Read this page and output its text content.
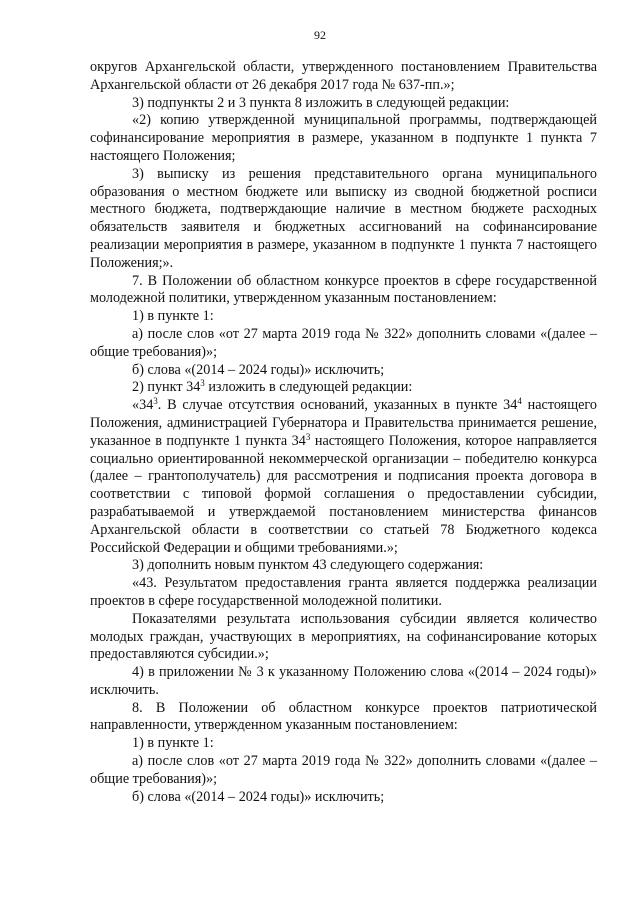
92

округов Архангельской области, утвержденного постановлением Правительства Архангельской области от 26 декабря 2017 года № 637-пп.»;

3) подпункты 2 и 3 пункта 8 изложить в следующей редакции:

«2) копию утвержденной муниципальной программы, подтверждающей софинансирование мероприятия в размере, указанном в подпункте 1 пункта 7 настоящего Положения;

3) выписку из решения представительного органа муниципального образования о местном бюджете или выписку из сводной бюджетной росписи местного бюджета, подтверждающие наличие в местном бюджете расходных обязательств заявителя и бюджетных ассигнований на софинансирование реализации мероприятия в размере, указанном в подпункте 1 пункта 7 настоящего Положения;».

7. В Положении об областном конкурсе проектов в сфере государственной молодежной политики, утвержденном указанным постановлением:

1) в пункте 1:

а) после слов «от 27 марта 2019 года № 322» дополнить словами «(далее – общие требования)»;

б) слова «(2014 – 2024 годы)» исключить;

2) пункт $34^3$ изложить в следующей редакции:

«$34^3$. В случае отсутствия оснований, указанных в пункте $34^4$ настоящего Положения, администрацией Губернатора и Правительства принимается решение, указанное в подпункте 1 пункта $34^3$ настоящего Положения, которое направляется социально ориентированной некоммерческой организации – победителю конкурса (далее – грантополучатель) для рассмотрения и подписания проекта договора в соответствии с типовой формой соглашения о предоставлении субсидии, разрабатываемой и утверждаемой постановлением министерства финансов Архангельской области в соответствии со статьей 78 Бюджетного кодекса Российской Федерации и общими требованиями.»;

3) дополнить новым пунктом 43 следующего содержания:

«43. Результатом предоставления гранта является поддержка реализации проектов в сфере государственной молодежной политики.

Показателями результата использования субсидии является количество молодых граждан, участвующих в мероприятиях, на софинансирование которых предоставляются субсидии.»;

4) в приложении № 3 к указанному Положению слова «(2014 – 2024 годы)» исключить.

8. В Положении об областном конкурсе проектов патриотической направленности, утвержденном указанным постановлением:

1) в пункте 1:

а) после слов «от 27 марта 2019 года № 322» дополнить словами «(далее – общие требования)»;

б) слова «(2014 – 2024 годы)» исключить;
